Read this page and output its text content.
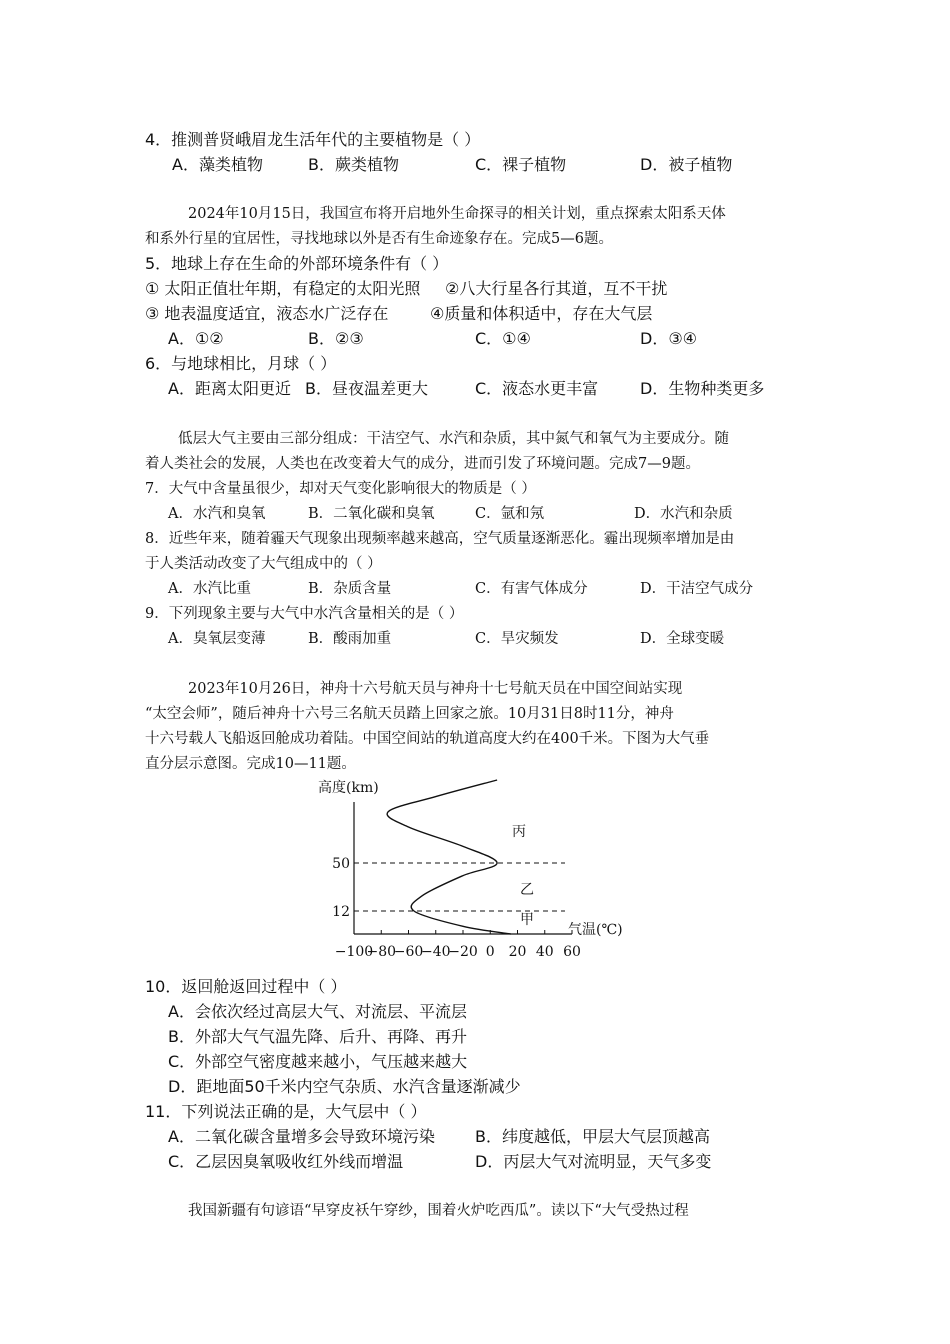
4．推测普贤峨眉龙生活年代的主要植物是（ ）
A．藻类植物	B．蕨类植物	C．裸子植物	D．被子植物
2024年10月15日，我国宣布将开启地外生命探寻的相关计划，重点探索太阳系天体
和系外行星的宜居性，寻找地球以外是否有生命迹象存在。完成5—6题。
5．地球上存在生命的外部环境条件有（ ）
① 太阳正值壮年期，有稳定的太阳光照 ②八大行星各行其道，互不干扰
③ 地表温度适宜，液态水广泛存在	④质量和体积适中，存在大气层
A．①②	B．②③	C．①④	D．③④
6．与地球相比，月球（ ）
A．距离太阳更近 B．昼夜温差更大	C．液态水更丰富	D．生物种类更多
低层大气主要由三部分组成：干洁空气、水汽和杂质，其中氮气和氧气为主要成分。随
着人类社会的发展，人类也在改变着大气的成分，进而引发了环境问题。完成7—9题。
7．大气中含量虽很少，却对天气变化影响很大的物质是（ ）
A．水汽和臭氧	B．二氧化碳和臭氧	C．氩和氖	D．水汽和杂质
8．近些年来，随着霾天气现象出现频率越来越高，空气质量逐渐恶化。霾出现频率增加是由
于人类活动改变了大气组成中的（ ）
A．水汽比重	B．杂质含量	C．有害气体成分	D．干洁空气成分
9．下列现象主要与大气中水汽含量相关的是（ ）
A．臭氧层变薄	B．酸雨加重	C．旱灾频发	D．全球变暖
2023年10月26日，神舟十六号航天员与神舟十七号航天员在中国空间站实现
“太空会师”，随后神舟十六号三名航天员踏上回家之旅。10月31日8时11分，神舟
十六号载人飞船返回舱成功着陆。中国空间站的轨道高度大约在400千米。下图为大气垂
直分层示意图。完成10—11题。
高度(km)
−100
−80
−60
−40
−20 0 20 40 60
12
50
甲
乙
丙
气温(℃)
10．返回舱返回过程中（ ）
A．会依次经过高层大气、对流层、平流层
B．外部大气气温先降、后升、再降、再升
C．外部空气密度越来越小，气压越来越大
D．距地面50千米内空气杂质、水汽含量逐渐减少
11．下列说法正确的是，大气层中（ ）
A．二氧化碳含量增多会导致环境污染	B．纬度越低，甲层大气层顶越高
C．乙层因臭氧吸收红外线而增温	D．丙层大气对流明显，天气多变
我国新疆有句谚语“早穿皮袄午穿纱，围着火炉吃西瓜”。读以下“大气受热过程
